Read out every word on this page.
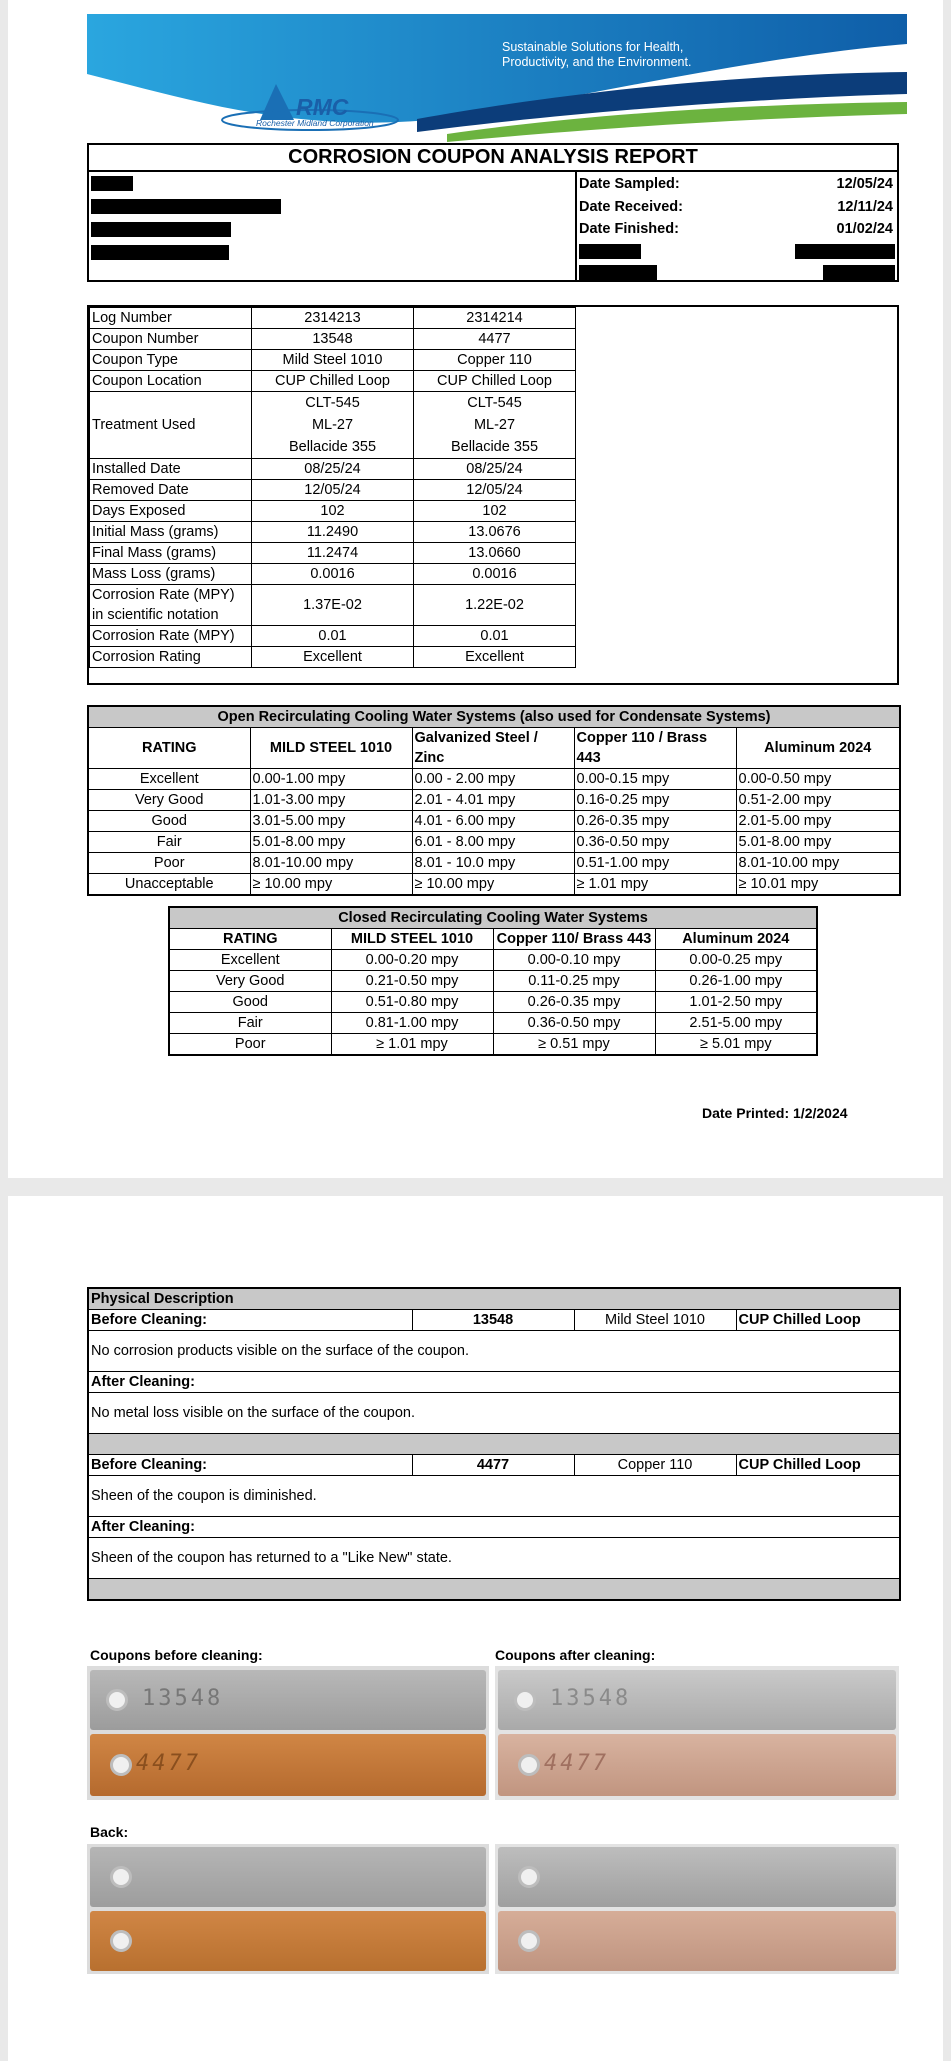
Sustainable Solutions for Health,
Productivity, and the Environment.
RMC
Rochester Midland Corporation
CORROSION COUPON ANALYSIS REPORT
Date Sampled:	12/05/24
Date Received:	12/11/24
Date Finished:	01/02/24
Log Number	2314213	2314214
Coupon Number	13548	4477
Coupon Type	Mild Steel 1010	Copper 110
Coupon Location	CUP Chilled Loop	CUP Chilled Loop
Treatment Used	CLT-545
ML-27
Bellacide 355	CLT-545
ML-27
Bellacide 355

Installed Date	08/25/24	08/25/24
Removed Date	12/05/24	12/05/24
Days Exposed	102	102
Initial Mass (grams)	11.2490	13.0676
Final Mass (grams)	11.2474	13.0660
Mass Loss (grams)	0.0016	0.0016

Corrosion Rate (MPY)
in scientific notation	1.37E-02	1.22E-02
Corrosion Rate (MPY)	0.01	0.01
Corrosion Rating	Excellent	Excellent
Open Recirculating Cooling Water Systems (also used for Condensate Systems)				
RATING	MILD STEEL 1010	Galvanized Steel / Zinc	Copper 110 / Brass 443	Aluminum 2024
Excellent	0.00-1.00 mpy	0.00 - 2.00 mpy	0.00-0.15 mpy	0.00-0.50 mpy
Very Good	1.01-3.00 mpy	2.01 - 4.01 mpy	0.16-0.25 mpy	0.51-2.00 mpy
Good	3.01-5.00 mpy	4.01 - 6.00 mpy	0.26-0.35 mpy	2.01-5.00 mpy
Fair	5.01-8.00 mpy	6.01 - 8.00 mpy	0.36-0.50 mpy	5.01-8.00 mpy
Poor	8.01-10.00 mpy	8.01 - 10.0 mpy	0.51-1.00 mpy	8.01-10.00 mpy
Unacceptable	≥ 10.00 mpy	≥ 10.00 mpy	≥ 1.01 mpy	≥ 10.01 mpy
Closed Recirculating Cooling Water Systems			
RATING	MILD STEEL 1010	Copper 110/ Brass 443	Aluminum 2024
Excellent	0.00-0.20 mpy	0.00-0.10 mpy	0.00-0.25 mpy
Very Good	0.21-0.50 mpy	0.11-0.25 mpy	0.26-1.00 mpy
Good	0.51-0.80 mpy	0.26-0.35 mpy	1.01-2.50 mpy
Fair	0.81-1.00 mpy	0.36-0.50 mpy	2.51-5.00 mpy
Poor	≥ 1.01 mpy	≥ 0.51 mpy	≥ 5.01 mpy
Date Printed: 1/2/2024
Physical Description			
Before Cleaning:	13548	Mild Steel 1010	CUP Chilled Loop
No corrosion products visible on the surface of the coupon.			
After Cleaning:			
No metal loss visible on the surface of the coupon.			

Before Cleaning:	4477	Copper 110	CUP Chilled Loop
Sheen of the coupon is diminished.			
After Cleaning:			
Sheen of the coupon has returned to a "Like New" state.			

Coupons before cleaning:	Coupons after cleaning:
13548
4477
13548
4477
Back:
